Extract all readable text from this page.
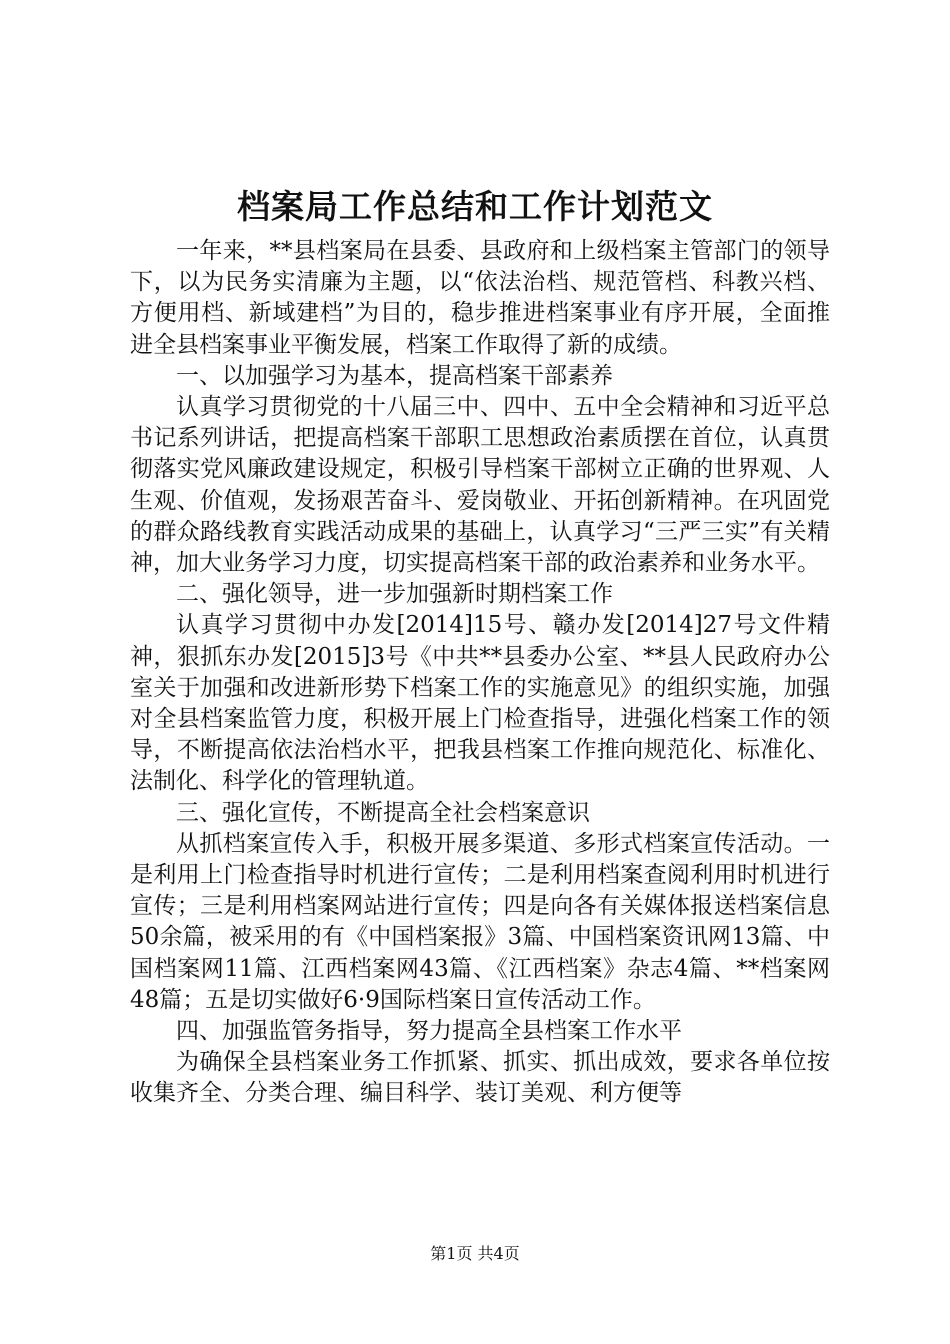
档案局工作总结和工作计划范文

一年来，**县档案局在县委、县政府和上级档案主管部门的领导下，以为民务实清廉为主题，以“依法治档、规范管档、科教兴档、方便用档、新域建档”为目的，稳步推进档案事业有序开展，全面推进全县档案事业平衡发展，档案工作取得了新的成绩。

一、以加强学习为基本，提高档案干部素养

认真学习贯彻党的十八届三中、四中、五中全会精神和习近平总书记系列讲话，把提高档案干部职工思想政治素质摆在首位，认真贯彻落实党风廉政建设规定，积极引导档案干部树立正确的世界观、人生观、价值观，发扬艰苦奋斗、爱岗敬业、开拓创新精神。在巩固党的群众路线教育实践活动成果的基础上，认真学习“三严三实”有关精神，加大业务学习力度，切实提高档案干部的政治素养和业务水平。

二、强化领导，进一步加强新时期档案工作

认真学习贯彻中办发[2014]15号、赣办发[2014]27号文件精神，狠抓东办发[2015]3号《中共**县委办公室、**县人民政府办公室关于加强和改进新形势下档案工作的实施意见》的组织实施，加强对全县档案监管力度，积极开展上门检查指导，进强化档案工作的领导，不断提高依法治档水平，把我县档案工作推向规范化、标准化、法制化、科学化的管理轨道。

三、强化宣传，不断提高全社会档案意识

从抓档案宣传入手，积极开展多渠道、多形式档案宣传活动。一是利用上门检查指导时机进行宣传；二是利用档案查阅利用时机进行宣传；三是利用档案网站进行宣传；四是向各有关媒体报送档案信息50余篇，被采用的有《中国档案报》3篇、中国档案资讯网13篇、中国档案网11篇、江西档案网43篇、《江西档案》杂志4篇、**档案网48篇；五是切实做好6·9国际档案日宣传活动工作。

四、加强监管务指导，努力提高全县档案工作水平

为确保全县档案业务工作抓紧、抓实、抓出成效，要求各单位按收集齐全、分类合理、编目科学、装订美观、利方便等

第1页 共4页
